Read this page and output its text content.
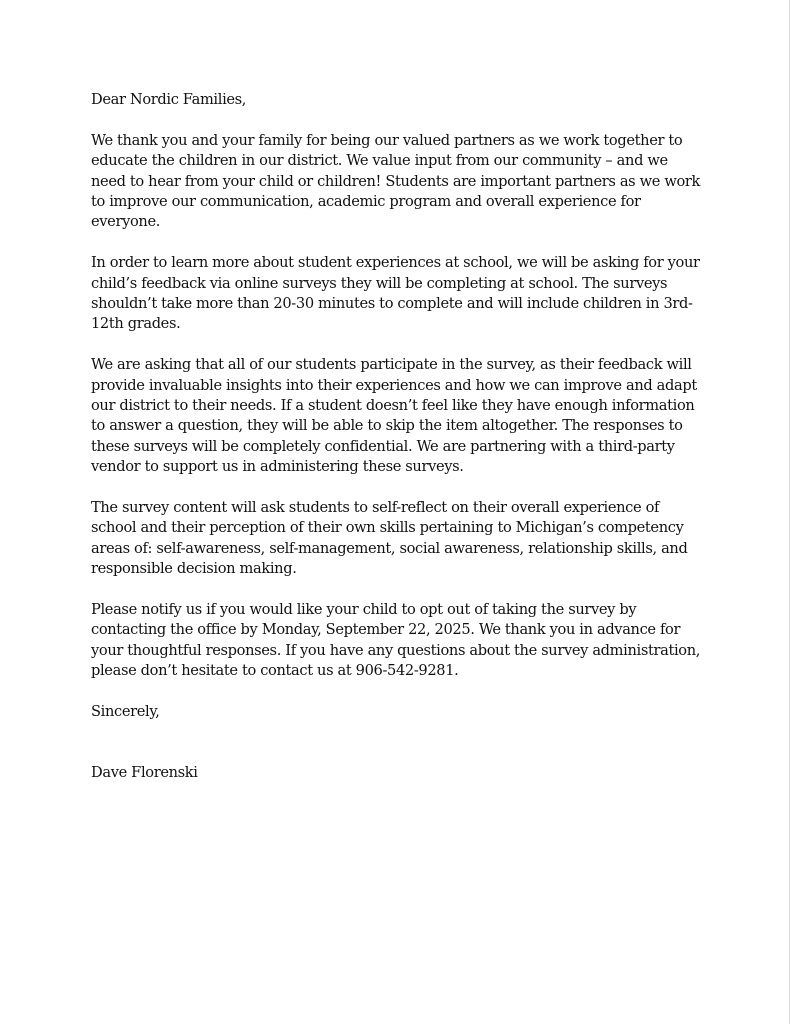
Dear Nordic Families,

We thank you and your family for being our valued partners as we work together to educate the children in our district. We value input from our community – and we need to hear from your child or children! Students are important partners as we work to improve our communication, academic program and overall experience for everyone.

In order to learn more about student experiences at school, we will be asking for your child’s feedback via online surveys they will be completing at school. The surveys shouldn’t take more than 20-30 minutes to complete and will include children in 3rd-12th grades.

We are asking that all of our students participate in the survey, as their feedback will provide invaluable insights into their experiences and how we can improve and adapt our district to their needs. If a student doesn’t feel like they have enough information to answer a question, they will be able to skip the item altogether. The responses to these surveys will be completely confidential. We are partnering with a third-party vendor to support us in administering these surveys.

The survey content will ask students to self-reflect on their overall experience of school and their perception of their own skills pertaining to Michigan’s competency areas of: self-awareness, self-management, social awareness, relationship skills, and responsible decision making.

Please notify us if you would like your child to opt out of taking the survey by contacting the office by Monday, September 22, 2025. We thank you in advance for your thoughtful responses. If you have any questions about the survey administration, please don’t hesitate to contact us at 906-542-9281.

Sincerely,

Dave Florenski
